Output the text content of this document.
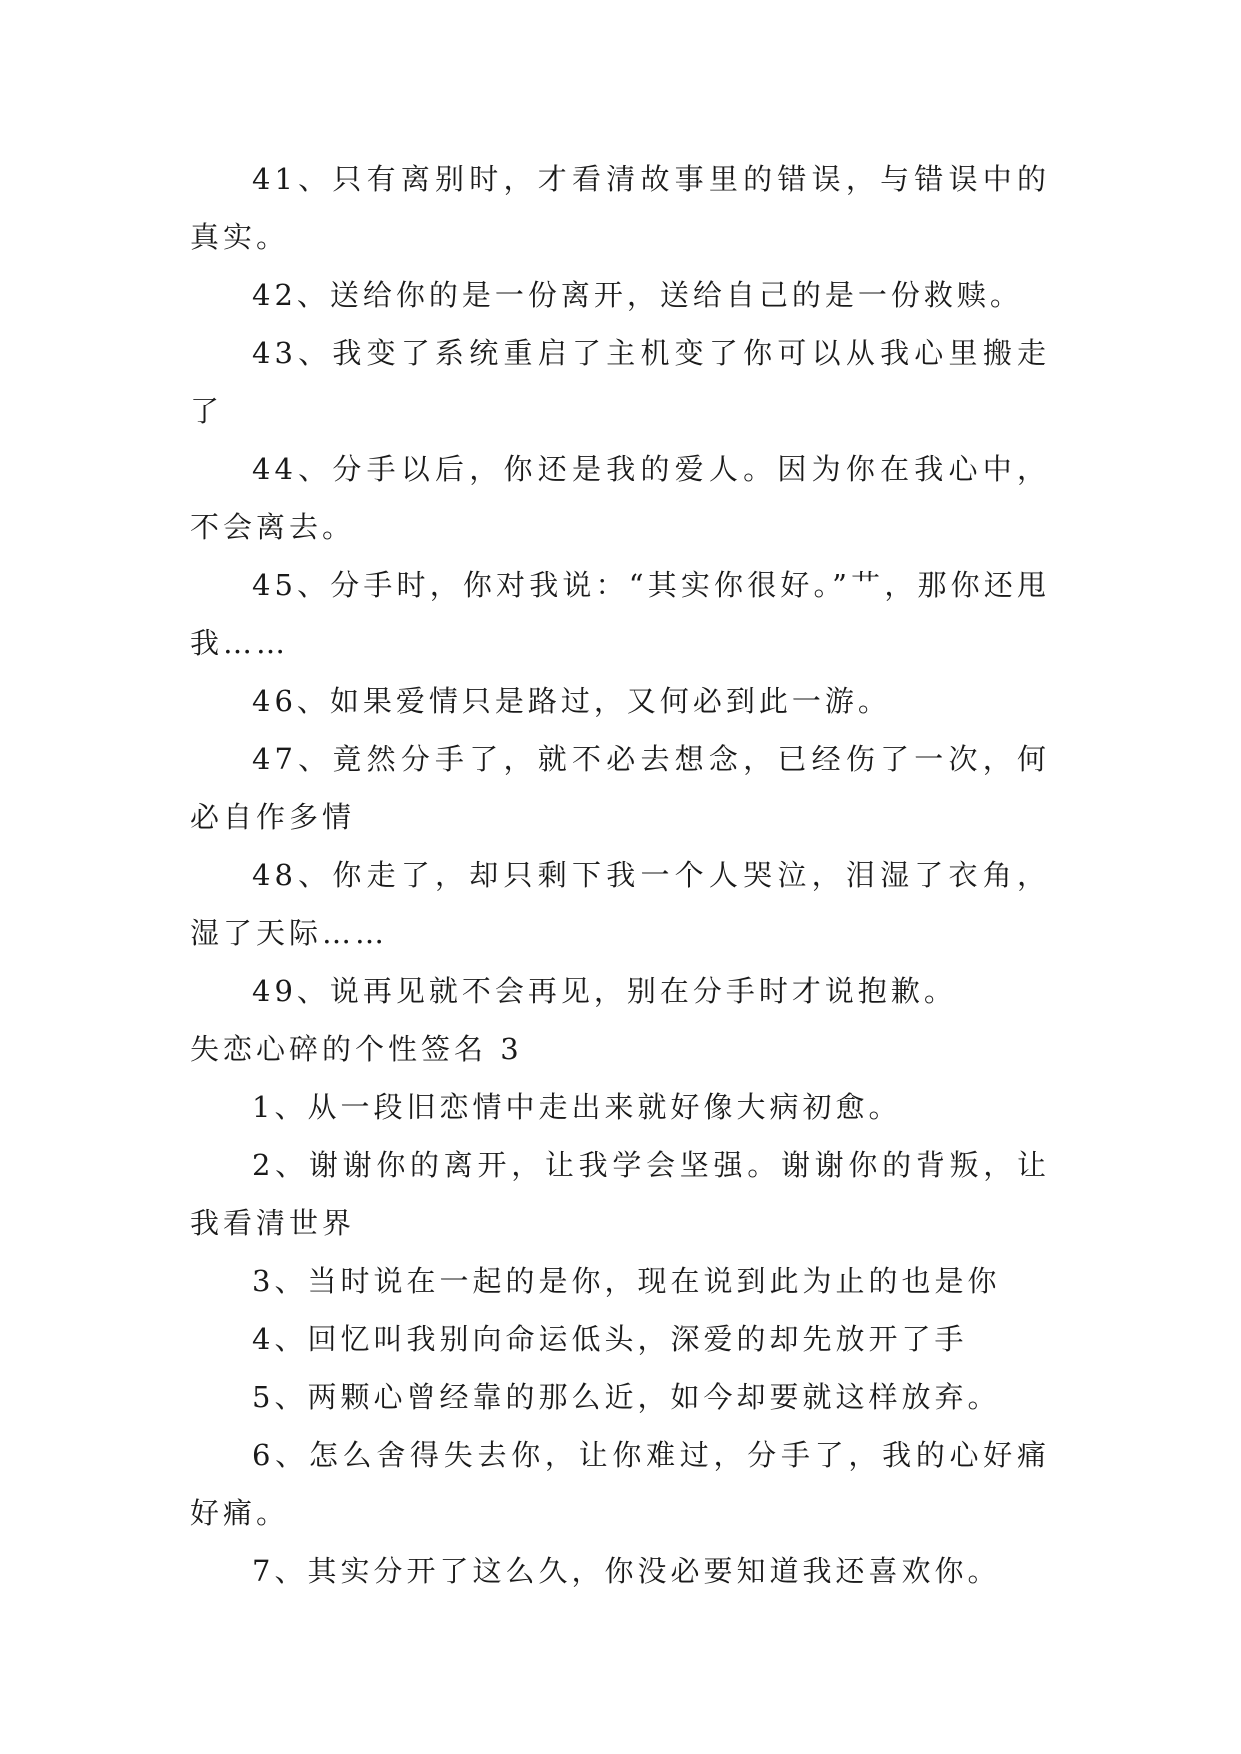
41、只有离别时，才看清故事里的错误，与错误中的真实。

42、送给你的是一份离开，送给自己的是一份救赎。

43、我变了系统重启了主机变了你可以从我心里搬走了

44、分手以后，你还是我的爱人。因为你在我心中，不会离去。

45、分手时，你对我说：“其实你很好。”艹，那你还甩我……

46、如果爱情只是路过，又何必到此一游。

47、竟然分手了，就不必去想念，已经伤了一次，何必自作多情

48、你走了，却只剩下我一个人哭泣，泪湿了衣角，湿了天际……

49、说再见就不会再见，别在分手时才说抱歉。

失恋心碎的个性签名 3

1、从一段旧恋情中走出来就好像大病初愈。

2、谢谢你的离开，让我学会坚强。谢谢你的背叛，让我看清世界

3、当时说在一起的是你，现在说到此为止的也是你

4、回忆叫我别向命运低头，深爱的却先放开了手

5、两颗心曾经靠的那么近，如今却要就这样放弃。

6、怎么舍得失去你，让你难过，分手了，我的心好痛好痛。

7、其实分开了这么久，你没必要知道我还喜欢你。
